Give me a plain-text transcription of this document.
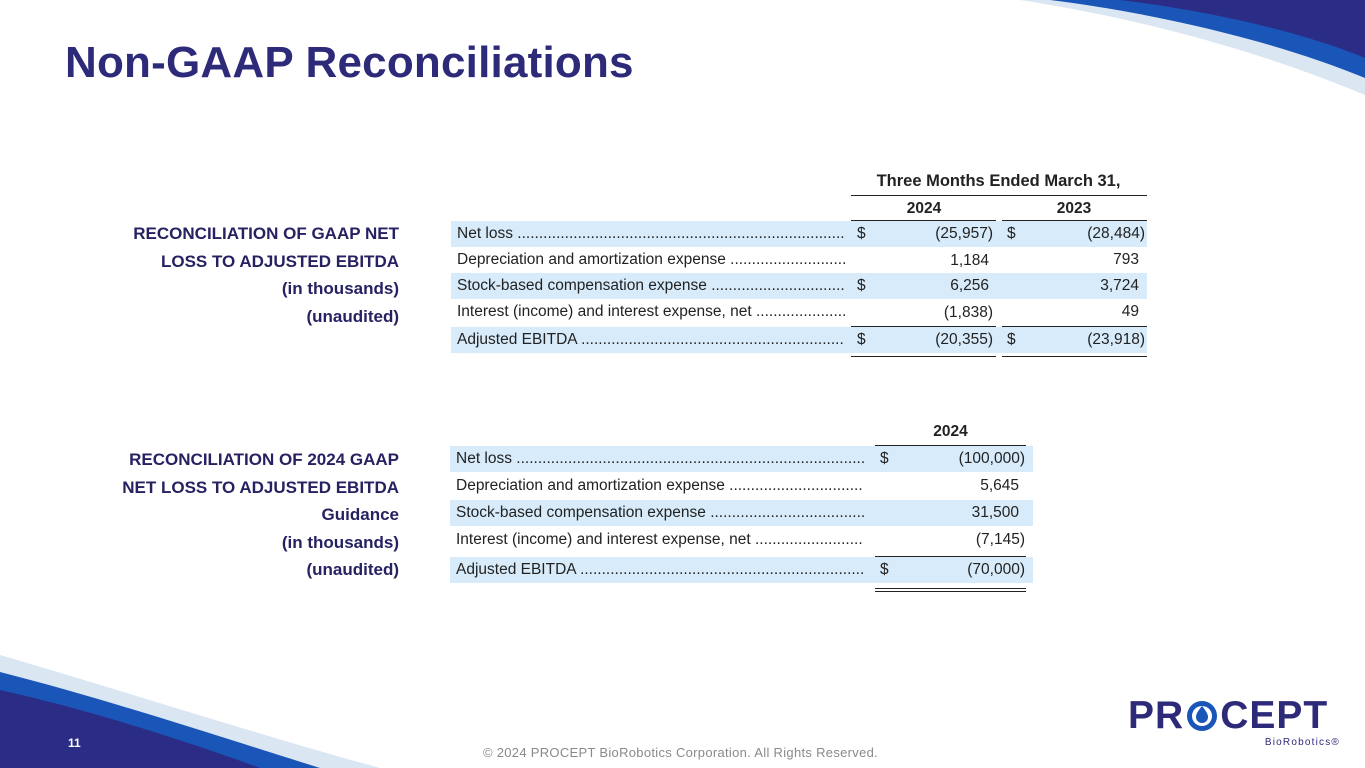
Non-GAAP Reconciliations
RECONCILIATION OF GAAP NET
LOSS TO ADJUSTED EBITDA
(in thousands)
(unaudited)
Three Months Ended March 31,
2024	2023
Net loss .....	$	(25,957) $	(28,484)
Depreciation and amortization expense .....	1,184	793
Stock-based compensation expense .....	$	6,256	3,724
Interest (income) and interest expense, net .....	(1,838)	49
Adjusted EBITDA .....	$	(20,355) $	(23,918)
RECONCILIATION OF 2024 GAAP
NET LOSS TO ADJUSTED EBITDA
Guidance
(in thousands)
(unaudited)
2024
Net loss .....	$	(100,000)
Depreciation and amortization expense .....	5,645
Stock-based compensation expense .....	31,500
Interest (income) and interest expense, net .....	(7,145)
Adjusted EBITDA .....	$	(70,000)
11
© 2024 PROCEPT BioRobotics Corporation. All Rights Reserved.
PR CEPT
BioRobotics®
